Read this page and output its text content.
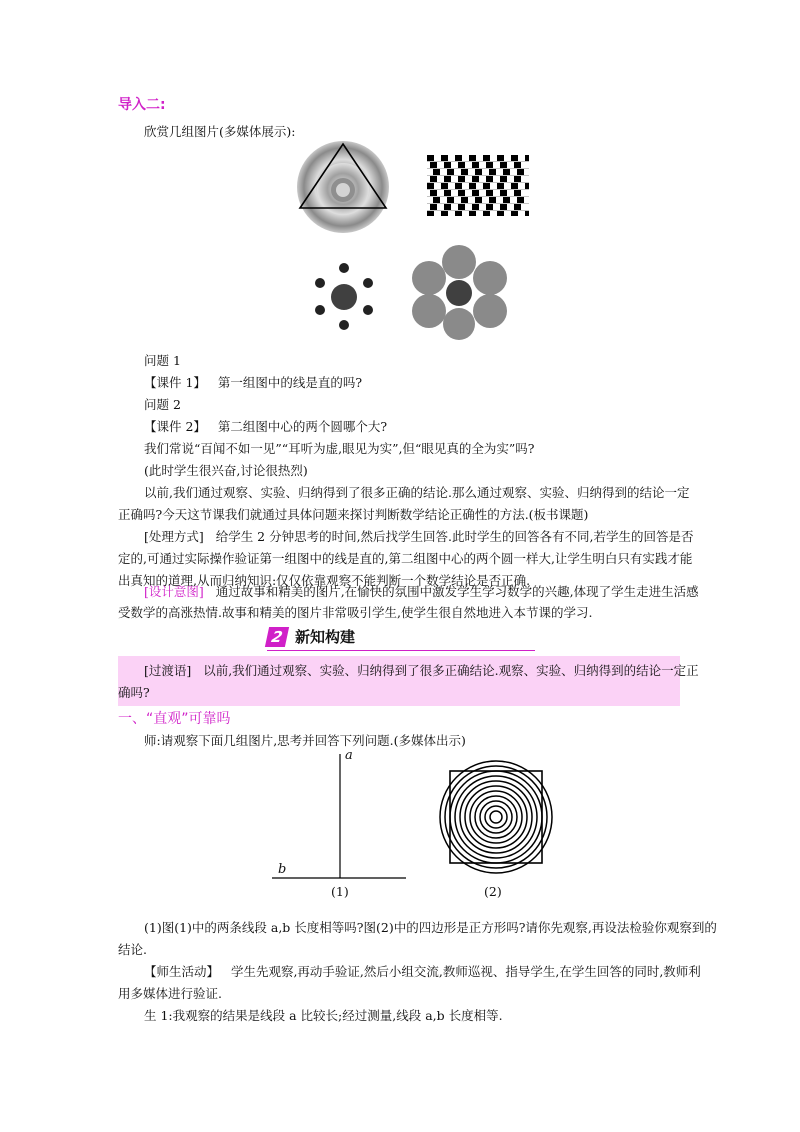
导入二:
欣赏几组图片(多媒体展示):
问题 1
【课件 1】 第一组图中的线是直的吗?
问题 2
【课件 2】 第二组图中心的两个圆哪个大?
我们常说“百闻不如一见”“耳听为虚,眼见为实”,但“眼见真的全为实”吗?
(此时学生很兴奋,讨论很热烈)
以前,我们通过观察、实验、归纳得到了很多正确的结论.那么通过观察、实验、归纳得到的结论一定
正确吗?今天这节课我们就通过具体问题来探讨判断数学结论正确性的方法.(板书课题)
[处理方式] 给学生 2 分钟思考的时间,然后找学生回答.此时学生的回答各有不同,若学生的回答是否
定的,可通过实际操作验证第一组图中的线是直的,第二组图中心的两个圆一样大,让学生明白只有实践才能
出真知的道理,从而归纳知识:仅仅依靠观察不能判断一个数学结论是否正确.
[设计意图] 通过故事和精美的图片,在愉快的氛围中激发学生学习数学的兴趣,体现了学生走进生活感
受数学的高涨热情.故事和精美的图片非常吸引学生,使学生很自然地进入本节课的学习.
2 新知构建
[过渡语] 以前,我们通过观察、实验、归纳得到了很多正确结论.观察、实验、归纳得到的结论一定正
确吗?
一、“直观”可靠吗
师:请观察下面几组图片,思考并回答下列问题.(多媒体出示)
a
b
(1)	(2)
(1)图(1)中的两条线段 a,b 长度相等吗?图(2)中的四边形是正方形吗?请你先观察,再设法检验你观察到的
结论.
【师生活动】 学生先观察,再动手验证,然后小组交流,教师巡视、指导学生,在学生回答的同时,教师利
用多媒体进行验证.
生 1:我观察的结果是线段 a 比较长;经过测量,线段 a,b 长度相等.
